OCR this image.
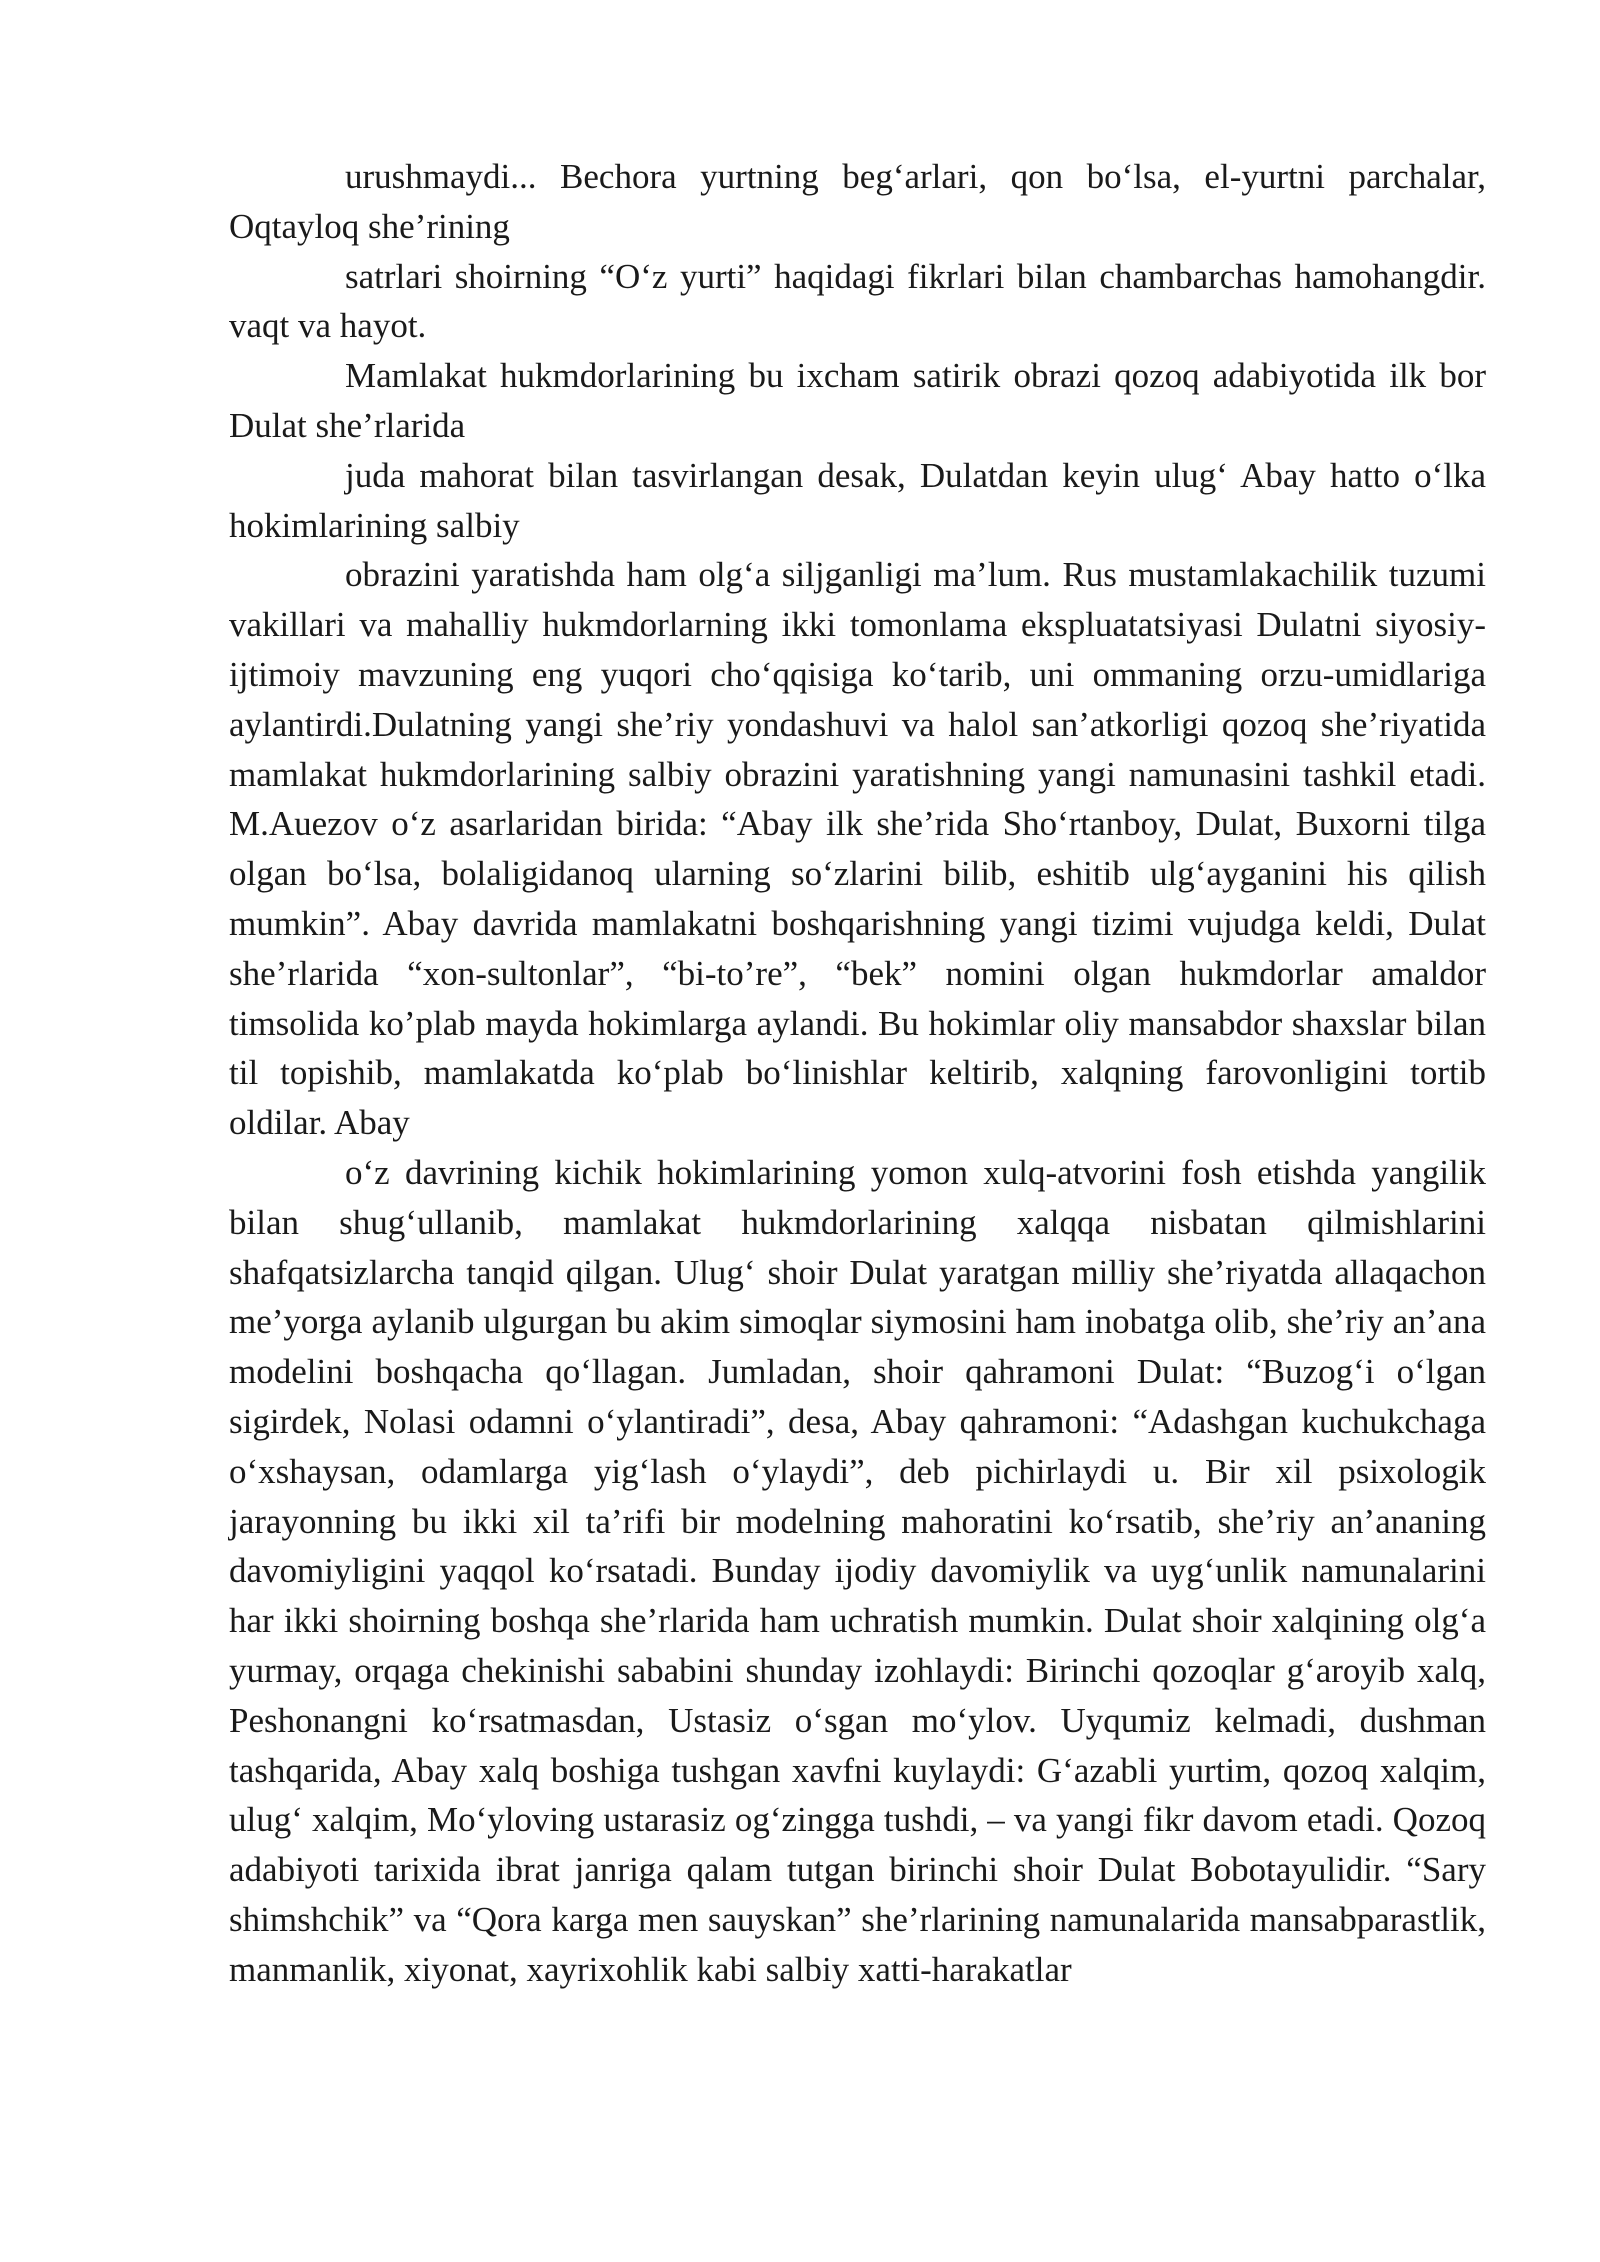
urushmaydi... Bechora yurtning beg‘arlari, qon bo‘lsa, el-yurtni parchalar, Oqtayloq she’rining

satrlari shoirning “O‘z yurti” haqidagi fikrlari bilan chambarchas hamohangdir. vaqt va hayot.

Mamlakat hukmdorlarining bu ixcham satirik obrazi qozoq adabiyotida ilk bor Dulat she’rlarida

juda mahorat bilan tasvirlangan desak, Dulatdan keyin ulug‘ Abay hatto o‘lka hokimlarining salbiy

obrazini yaratishda ham olg‘a siljganligi ma’lum. Rus mustamlakachilik tuzumi vakillari va mahalliy hukmdorlarning ikki tomonlama ekspluatatsiyasi Dulatni siyosiy-ijtimoiy mavzuning eng yuqori cho‘qqisiga ko‘tarib, uni ommaning orzu-umidlariga aylantirdi.Dulatning yangi she’riy yondashuvi va halol san’atkorligi qozoq she’riyatida mamlakat hukmdorlarining salbiy obrazini yaratishning yangi namunasini tashkil etadi. M.Auezov o‘z asarlaridan birida: “Abay ilk she’rida Sho‘rtanboy, Dulat, Buxorni tilga olgan bo‘lsa, bolaligidanoq ularning so‘zlarini bilib, eshitib ulg‘ayganini his qilish mumkin”. Abay davrida mamlakatni boshqarishning yangi tizimi vujudga keldi, Dulat she’rlarida “xon-sultonlar”, “bi-to’re”, “bek” nomini olgan hukmdorlar amaldor timsolida ko’plab mayda hokimlarga aylandi. Bu hokimlar oliy mansabdor shaxslar bilan til topishib, mamlakatda ko‘plab bo‘linishlar keltirib, xalqning farovonligini tortib oldilar. Abay

o‘z davrining kichik hokimlarining yomon xulq-atvorini fosh etishda yangilik bilan shug‘ullanib, mamlakat hukmdorlarining xalqqa nisbatan qilmishlarini shafqatsizlarcha tanqid qilgan. Ulug‘ shoir Dulat yaratgan milliy she’riyatda allaqachon me’yorga aylanib ulgurgan bu akim simoqlar siymosini ham inobatga olib, she’riy an’ana modelini boshqacha qo‘llagan. Jumladan, shoir qahramoni Dulat: “Buzog‘i o‘lgan sigirdek, Nolasi odamni o‘ylantiradi”, desa, Abay qahramoni: “Adashgan kuchukchaga o‘xshaysan, odamlarga yig‘lash o‘ylaydi”, deb pichirlaydi u. Bir xil psixologik jarayonning bu ikki xil ta’rifi bir modelning mahoratini ko‘rsatib, she’riy an’ananing davomiyligini yaqqol ko‘rsatadi. Bunday ijodiy davomiylik va uyg‘unlik namunalarini har ikki shoirning boshqa she’rlarida ham uchratish mumkin. Dulat shoir xalqining olg‘a yurmay, orqaga chekinishi sababini shunday izohlaydi: Birinchi qozoqlar g‘aroyib xalq, Peshonangni ko‘rsatmasdan, Ustasiz o‘sgan mo‘ylov. Uyqumiz kelmadi, dushman tashqarida, Abay xalq boshiga tushgan xavfni kuylaydi: G‘azabli yurtim, qozoq xalqim, ulug‘ xalqim, Mo‘yloving ustarasiz og‘zingga tushdi, – va yangi fikr davom etadi. Qozoq adabiyoti tarixida ibrat janriga qalam tutgan birinchi shoir Dulat Bobotayulidir. “Sary shimshchik” va “Qora karga men sauyskan” she’rlarining namunalarida mansabparastlik, manmanlik, xiyonat, xayrixohlik kabi salbiy xatti-harakatlar
